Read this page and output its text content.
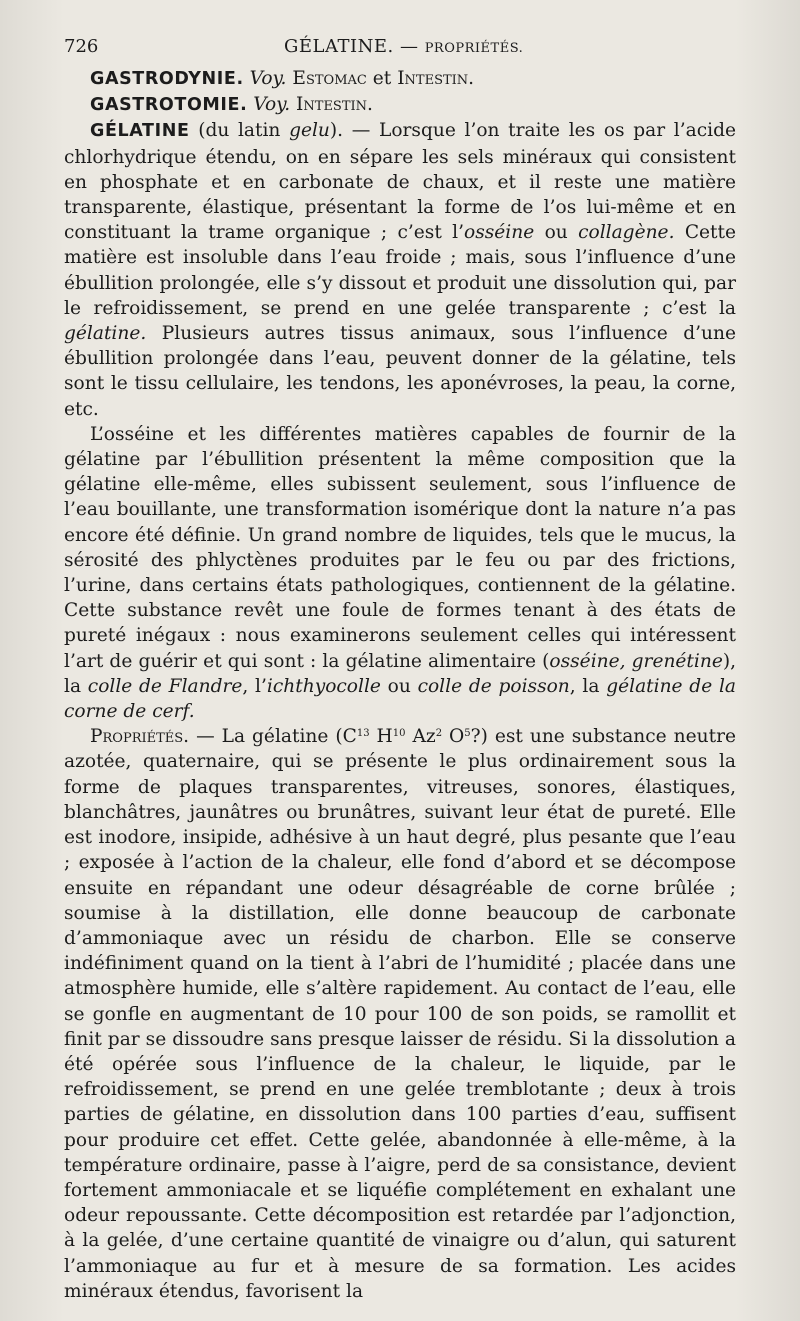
726	GÉLATINE. — PROPRIÉTÉS.

GASTRODYNIE. Voy. Estomac et Intestin.

GASTROTOMIE. Voy. Intestin.

GÉLATINE (du latin gelu). — Lorsque l’on traite les os par l’acide chlorhydrique étendu, on en sépare les sels minéraux qui consistent en phosphate et en carbonate de chaux, et il reste une matière transparente, élastique, présentant la forme de l’os lui-même et en constituant la trame organique ; c’est l’osséine ou collagène. Cette matière est insoluble dans l’eau froide ; mais, sous l’influence d’une ébullition prolongée, elle s’y dissout et produit une dissolution qui, par le refroidissement, se prend en une gelée transparente ; c’est la gélatine. Plusieurs autres tissus animaux, sous l’influence d’une ébullition prolongée dans l’eau, peuvent donner de la gélatine, tels sont le tissu cellulaire, les tendons, les aponévroses, la peau, la corne, etc.

L’osséine et les différentes matières capables de fournir de la gélatine par l’ébullition présentent la même composition que la gélatine elle-même, elles subissent seulement, sous l’influence de l’eau bouillante, une transformation isomérique dont la nature n’a pas encore été définie. Un grand nombre de liquides, tels que le mucus, la sérosité des phlyctènes produites par le feu ou par des frictions, l’urine, dans certains états pathologiques, contiennent de la gélatine. Cette substance revêt une foule de formes tenant à des états de pureté inégaux : nous examinerons seulement celles qui intéressent l’art de guérir et qui sont : la gélatine alimentaire (osséine, grenétine), la colle de Flandre, l’ichthyocolle ou colle de poisson, la gélatine de la corne de cerf.

Propriétés. — La gélatine ($C^{13}$ $H^{10}$ Az$^2$ $O^5$?) est une substance neutre azotée, quaternaire, qui se présente le plus ordinairement sous la forme de plaques transparentes, vitreuses, sonores, élastiques, blanchâtres, jaunâtres ou brunâtres, suivant leur état de pureté. Elle est inodore, insipide, adhésive à un haut degré, plus pesante que l’eau ; exposée à l’action de la chaleur, elle fond d’abord et se décompose ensuite en répandant une odeur désagréable de corne brûlée ; soumise à la distillation, elle donne beaucoup de carbonate d’ammoniaque avec un résidu de charbon. Elle se conserve indéfiniment quand on la tient à l’abri de l’humidité ; placée dans une atmosphère humide, elle s’altère rapidement. Au contact de l’eau, elle se gonfle en augmentant de 10 pour 100 de son poids, se ramollit et finit par se dissoudre sans presque laisser de résidu. Si la dissolution a été opérée sous l’influence de la chaleur, le liquide, par le refroidissement, se prend en une gelée tremblotante ; deux à trois parties de gélatine, en dissolution dans 100 parties d’eau, suffisent pour produire cet effet. Cette gelée, abandonnée à elle-même, à la température ordinaire, passe à l’aigre, perd de sa consistance, devient fortement ammoniacale et se liquéfie complétement en exhalant une odeur repoussante. Cette décomposition est retardée par l’adjonction, à la gelée, d’une certaine quantité de vinaigre ou d’alun, qui saturent l’ammoniaque au fur et à mesure de sa formation. Les acides minéraux étendus, favorisent la
